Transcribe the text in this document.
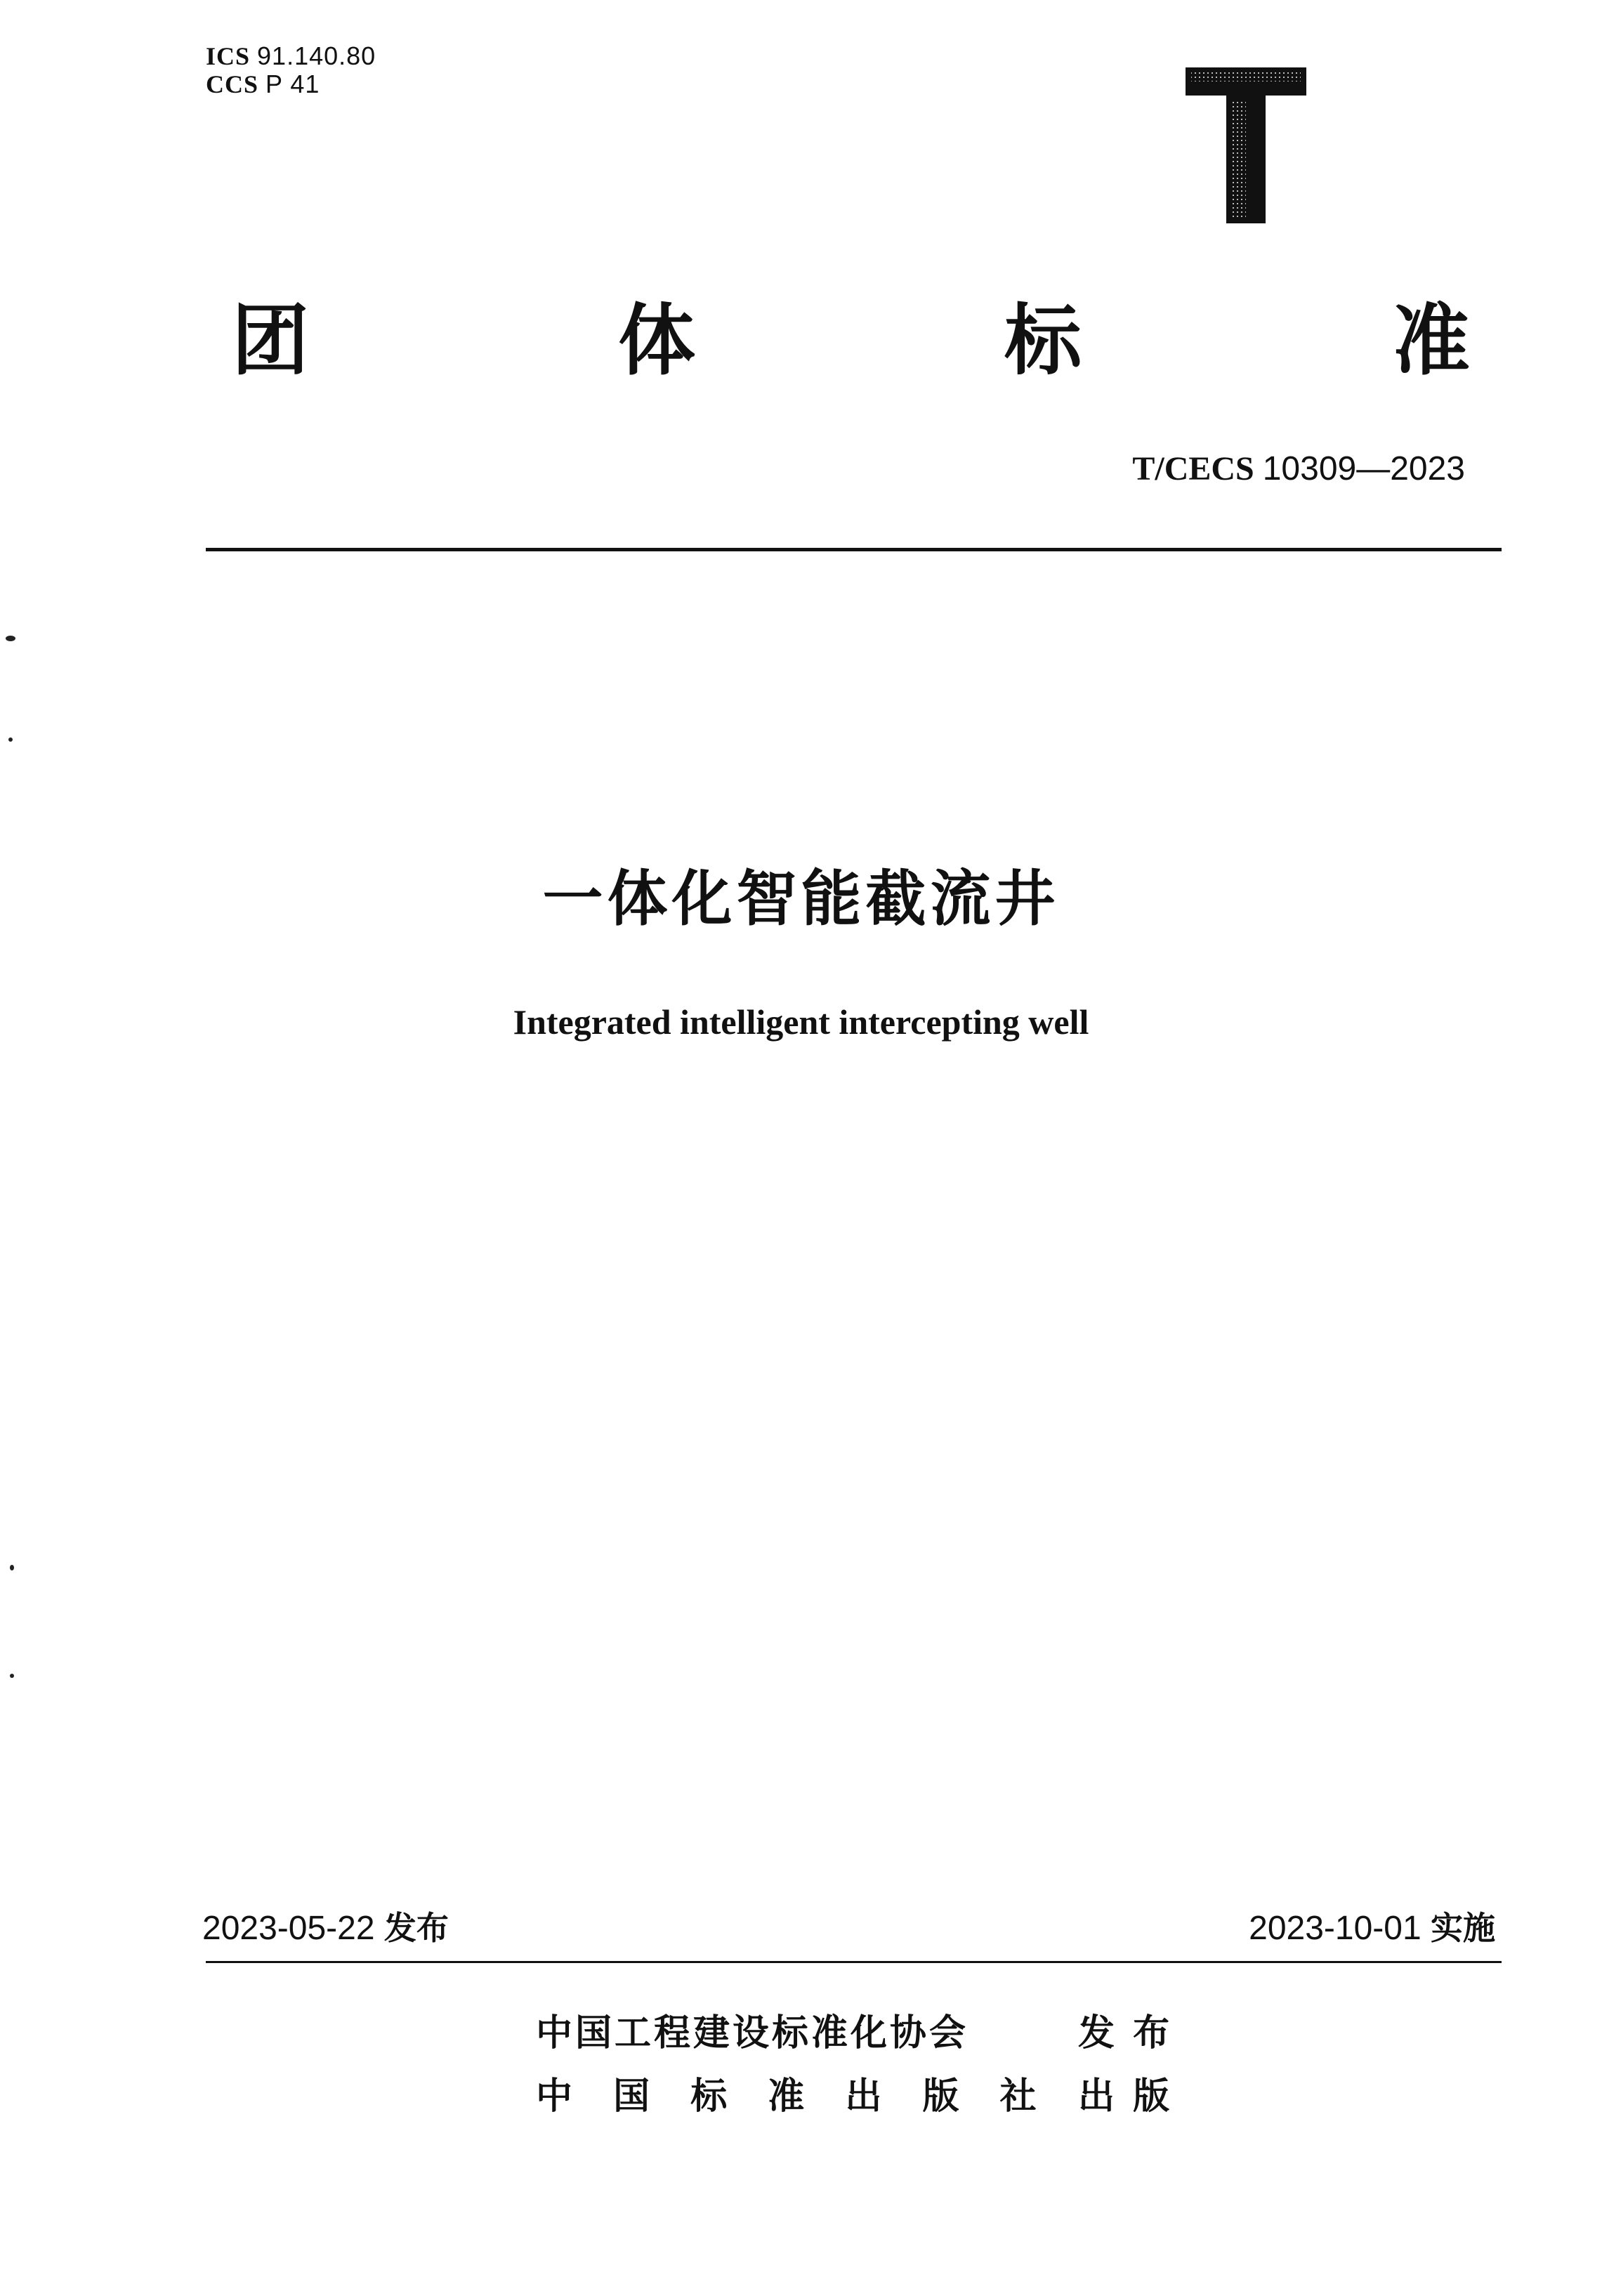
ICS 91.140.80
CCS P 41
团	体	标	准
T/CECS 10309—2023
一体化智能截流井
Integrated intelligent intercepting well
2023-05-22 发布	2023-10-01 实施
中国工程建设标准化协会	发 布
中 国 标 准 出 版 社 出 版
